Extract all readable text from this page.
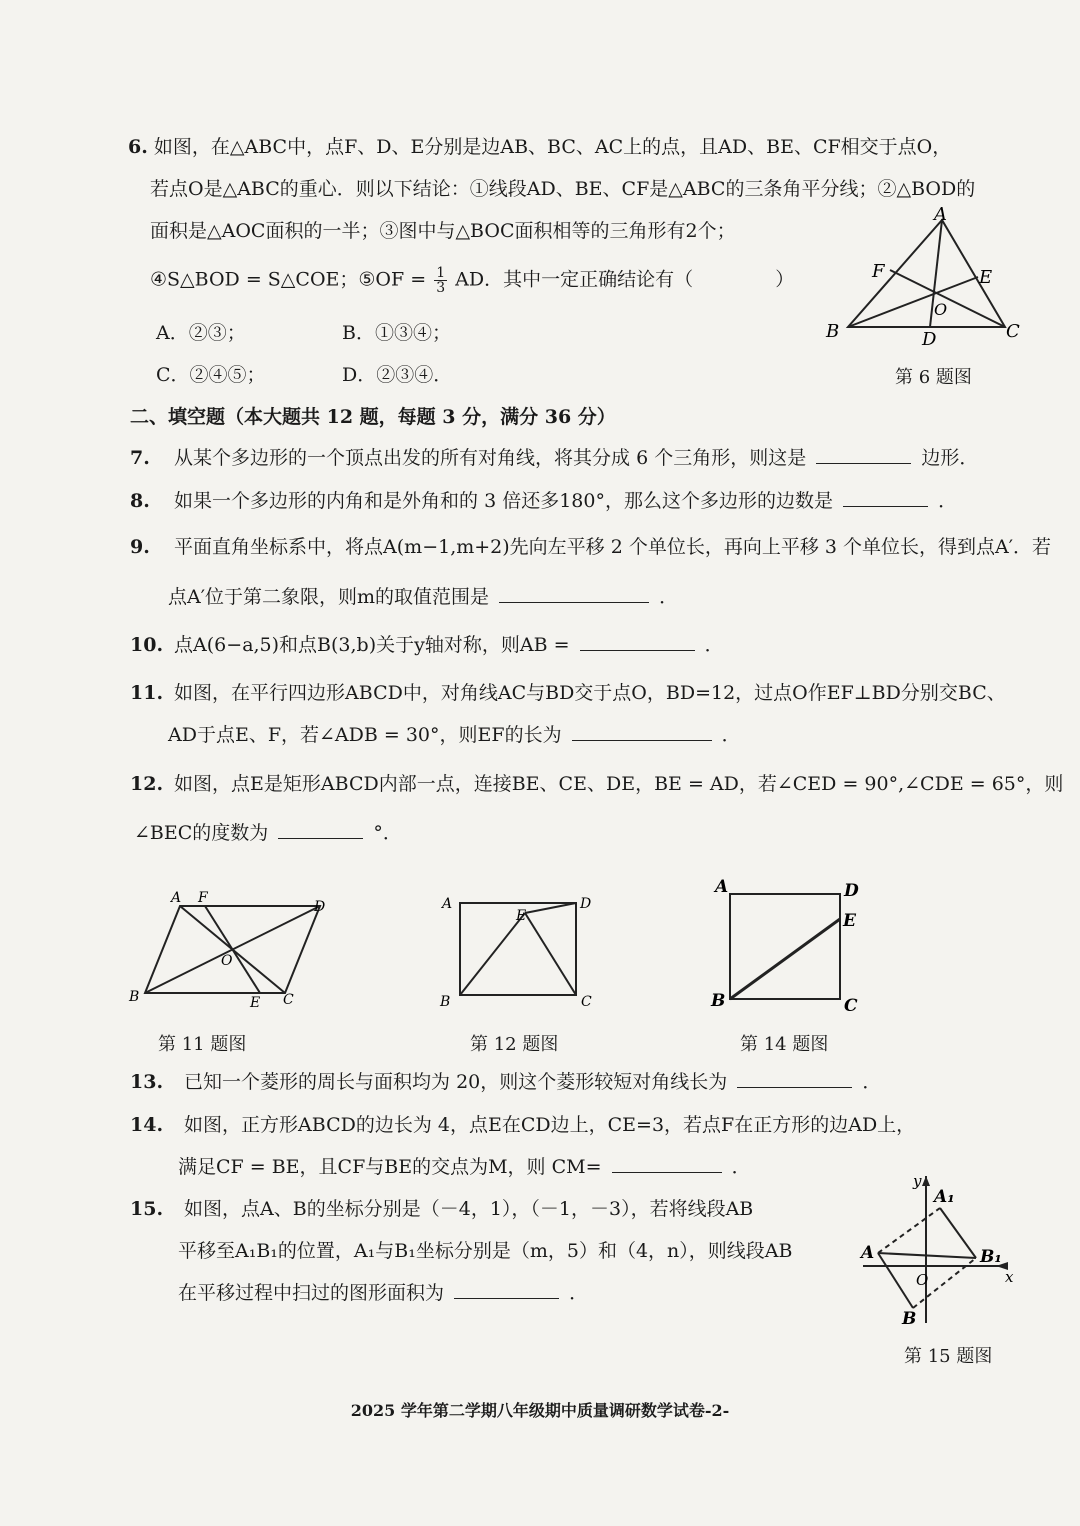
6. 如图，在△ABC中，点F、D、E分别是边AB、BC、AC上的点，且AD、BE、CF相交于点O，
若点O是△ABC的重心．则以下结论：①线段AD、BE、CF是△ABC的三条角平分线；②△BOD的
面积是△AOC面积的一半；③图中与△BOC面积相等的三角形有2个；
④S△BOD = S△COE；⑤OF = $\frac{1}{3}$ AD．其中一定正确结论有（	）
A．②③；	B．①③④；
C．②④⑤；	D．②③④．
A
B	C
D
E
F
O
第 6 题图
二、填空题（本大题共 12 题，每题 3 分，满分 36 分）
7. 从某个多边形的一个顶点出发的所有对角线，将其分成 6 个三角形，则这是	边形．
8. 如果一个多边形的内角和是外角和的 3 倍还多180°，那么这个多边形的边数是	．
9. 平面直角坐标系中，将点A(m−1,m+2)先向左平移 2 个单位长，再向上平移 3 个单位长，得到点A′．若
点A′位于第二象限，则m的取值范围是	．
10. 点A(6−a,5)和点B(3,b)关于y轴对称，则AB =	．
11. 如图，在平行四边形ABCD中，对角线AC与BD交于点O，BD=12，过点O作EF⊥BD分别交BC、
AD于点E、F，若∠ADB = 30°，则EF的长为	．
12. 如图，点E是矩形ABCD内部一点，连接BE、CE、DE，BE = AD，若∠CED = 90°,∠CDE = 65°，则
∠BEC的度数为	°．
A F
D
B	E C
O
第 11 题图
A	D
B	C
E
第 12 题图
A	D
E
B	C
第 14 题图
13. 已知一个菱形的周长与面积均为 20，则这个菱形较短对角线长为	．
14. 如图，正方形ABCD的边长为 4，点E在CD边上，CE=3，若点F在正方形的边AD上，
满足CF = BE，且CF与BE的交点为M，则 CM=	．
15. 如图，点A、B的坐标分别是（－4，1），（－1，－3），若将线段AB
平移至A₁B₁的位置，A₁与B₁坐标分别是（m，5）和（4，n），则线段AB
在平移过程中扫过的图形面积为	．
y
x
O
A
B
A₁
B₁
第 15 题图
2025 学年第二学期八年级期中质量调研数学试卷-2-
